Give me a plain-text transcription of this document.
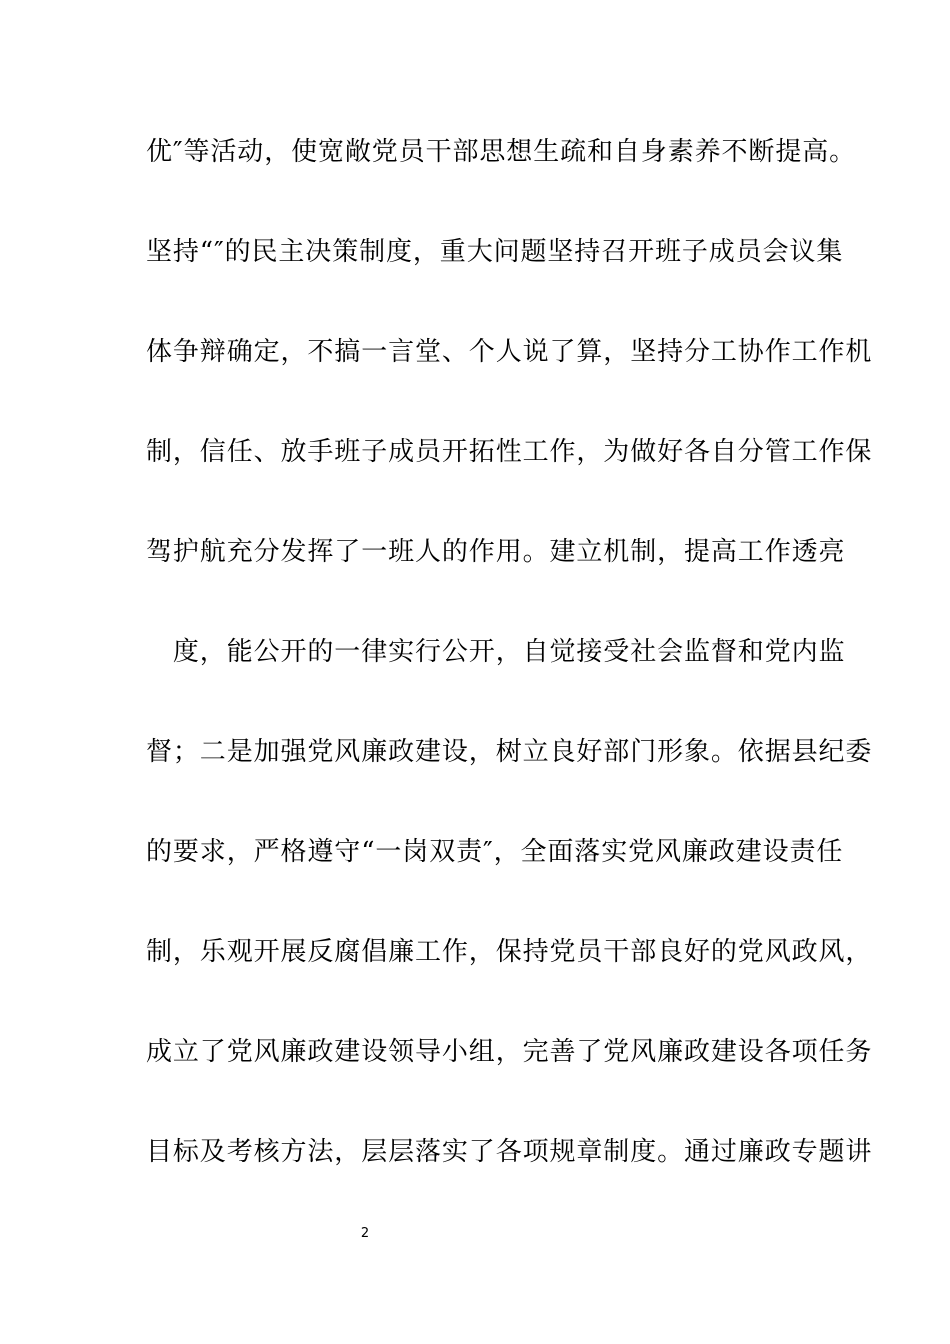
优″等活动，使宽敞党员干部思想生疏和自身素养不断提高。
坚持“″的民主决策制度，重大问题坚持召开班子成员会议集
体争辩确定，不搞一言堂、个人说了算，坚持分工协作工作机
制，信任、放手班子成员开拓性工作，为做好各自分管工作保
驾护航充分发挥了一班人的作用。建立机制，提高工作透亮
　度，能公开的一律实行公开，自觉接受社会监督和党内监
督；二是加强党风廉政建设，树立良好部门形象。依据县纪委
的要求，严格遵守“一岗双责″，全面落实党风廉政建设责任
制，乐观开展反腐倡廉工作，保持党员干部良好的党风政风，
成立了党风廉政建设领导小组，完善了党风廉政建设各项任务
目标及考核方法，层层落实了各项规章制度。通过廉政专题讲
2
